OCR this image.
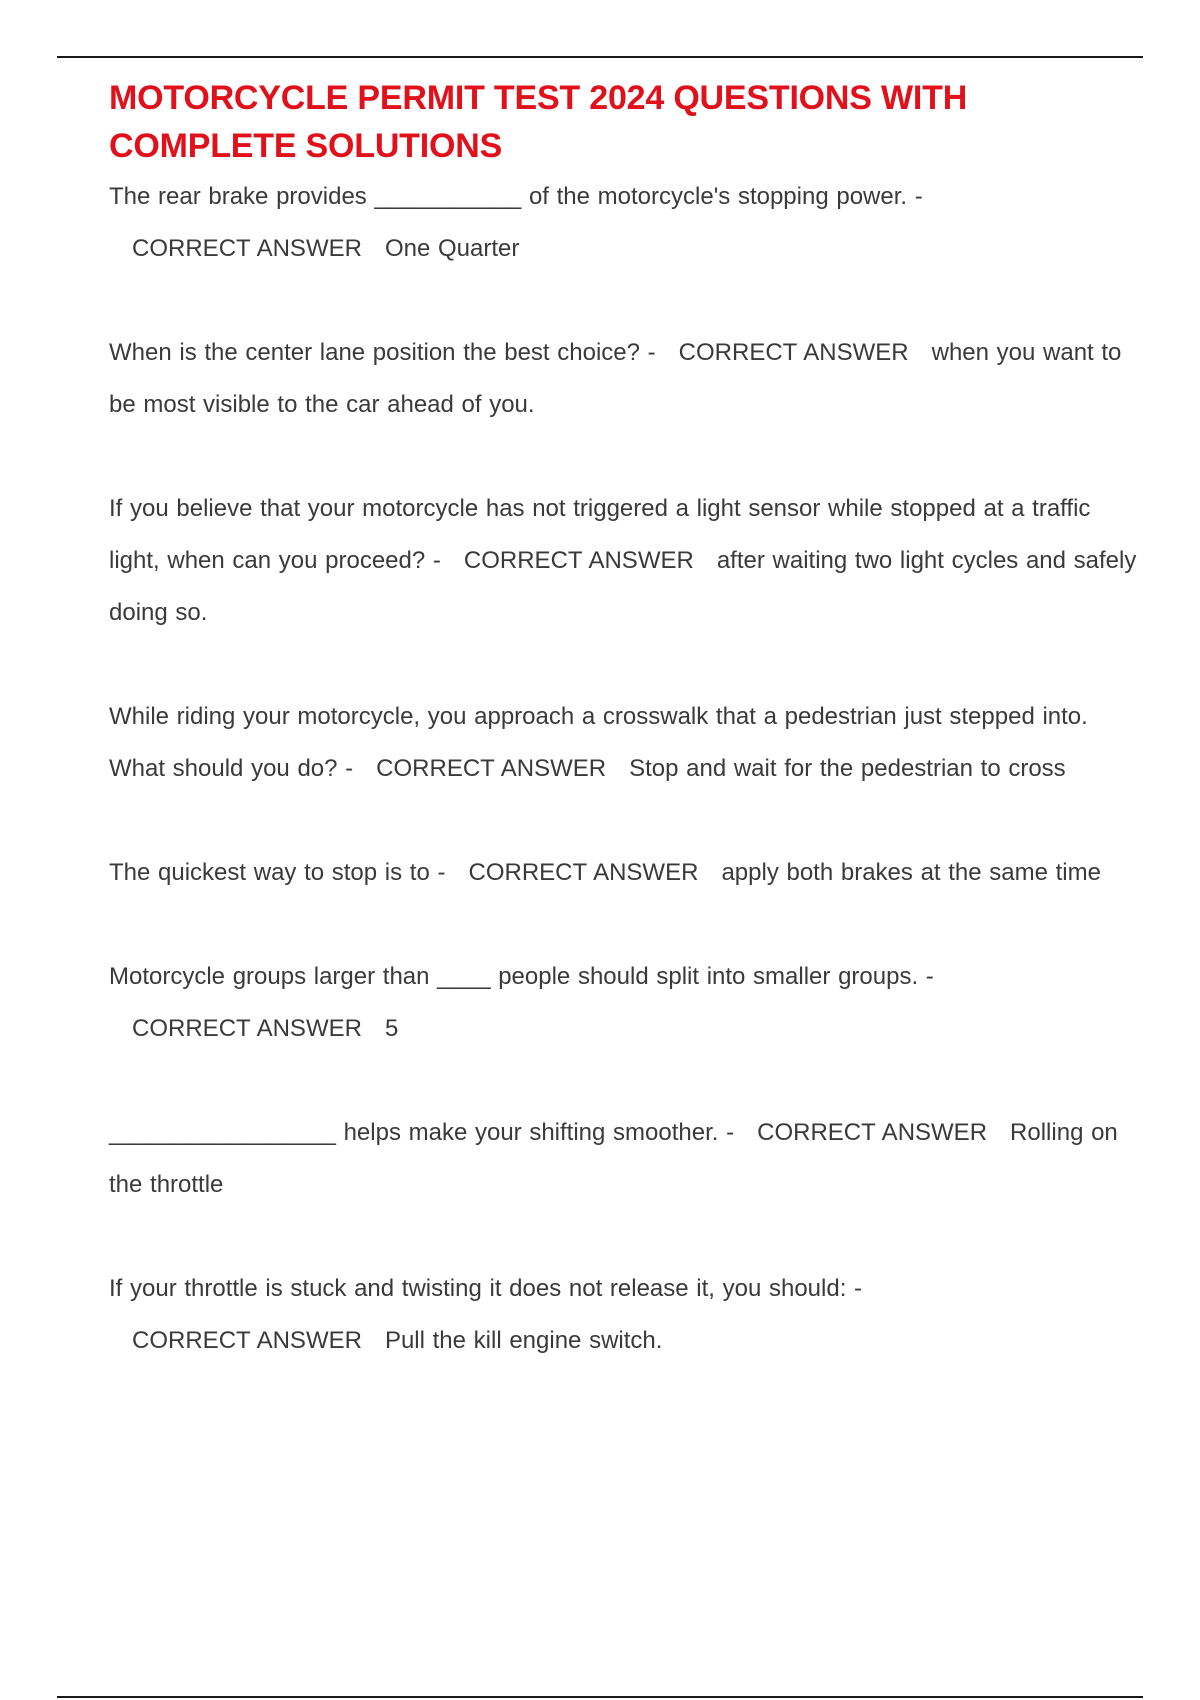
MOTORCYCLE PERMIT TEST 2024 QUESTIONS WITH COMPLETE SOLUTIONS
The rear brake provides ___________ of the motorcycle's stopping power. -   CORRECT ANSWER One Quarter
When is the center lane position the best choice? - CORRECT ANSWER when you want to be most visible to the car ahead of you.
If you believe that your motorcycle has not triggered a light sensor while stopped at a traffic light, when can you proceed? - CORRECT ANSWER after waiting two light cycles and safely doing so.
While riding your motorcycle, you approach a crosswalk that a pedestrian just stepped into. What should you do? - CORRECT ANSWER Stop and wait for the pedestrian to cross
The quickest way to stop is to - CORRECT ANSWER apply both brakes at the same time
Motorcycle groups larger than ____ people should split into smaller groups. -   CORRECT ANSWER 5
_________________ helps make your shifting smoother. - CORRECT ANSWER Rolling on the throttle
If your throttle is stuck and twisting it does not release it, you should: -   CORRECT ANSWER Pull the kill engine switch.
